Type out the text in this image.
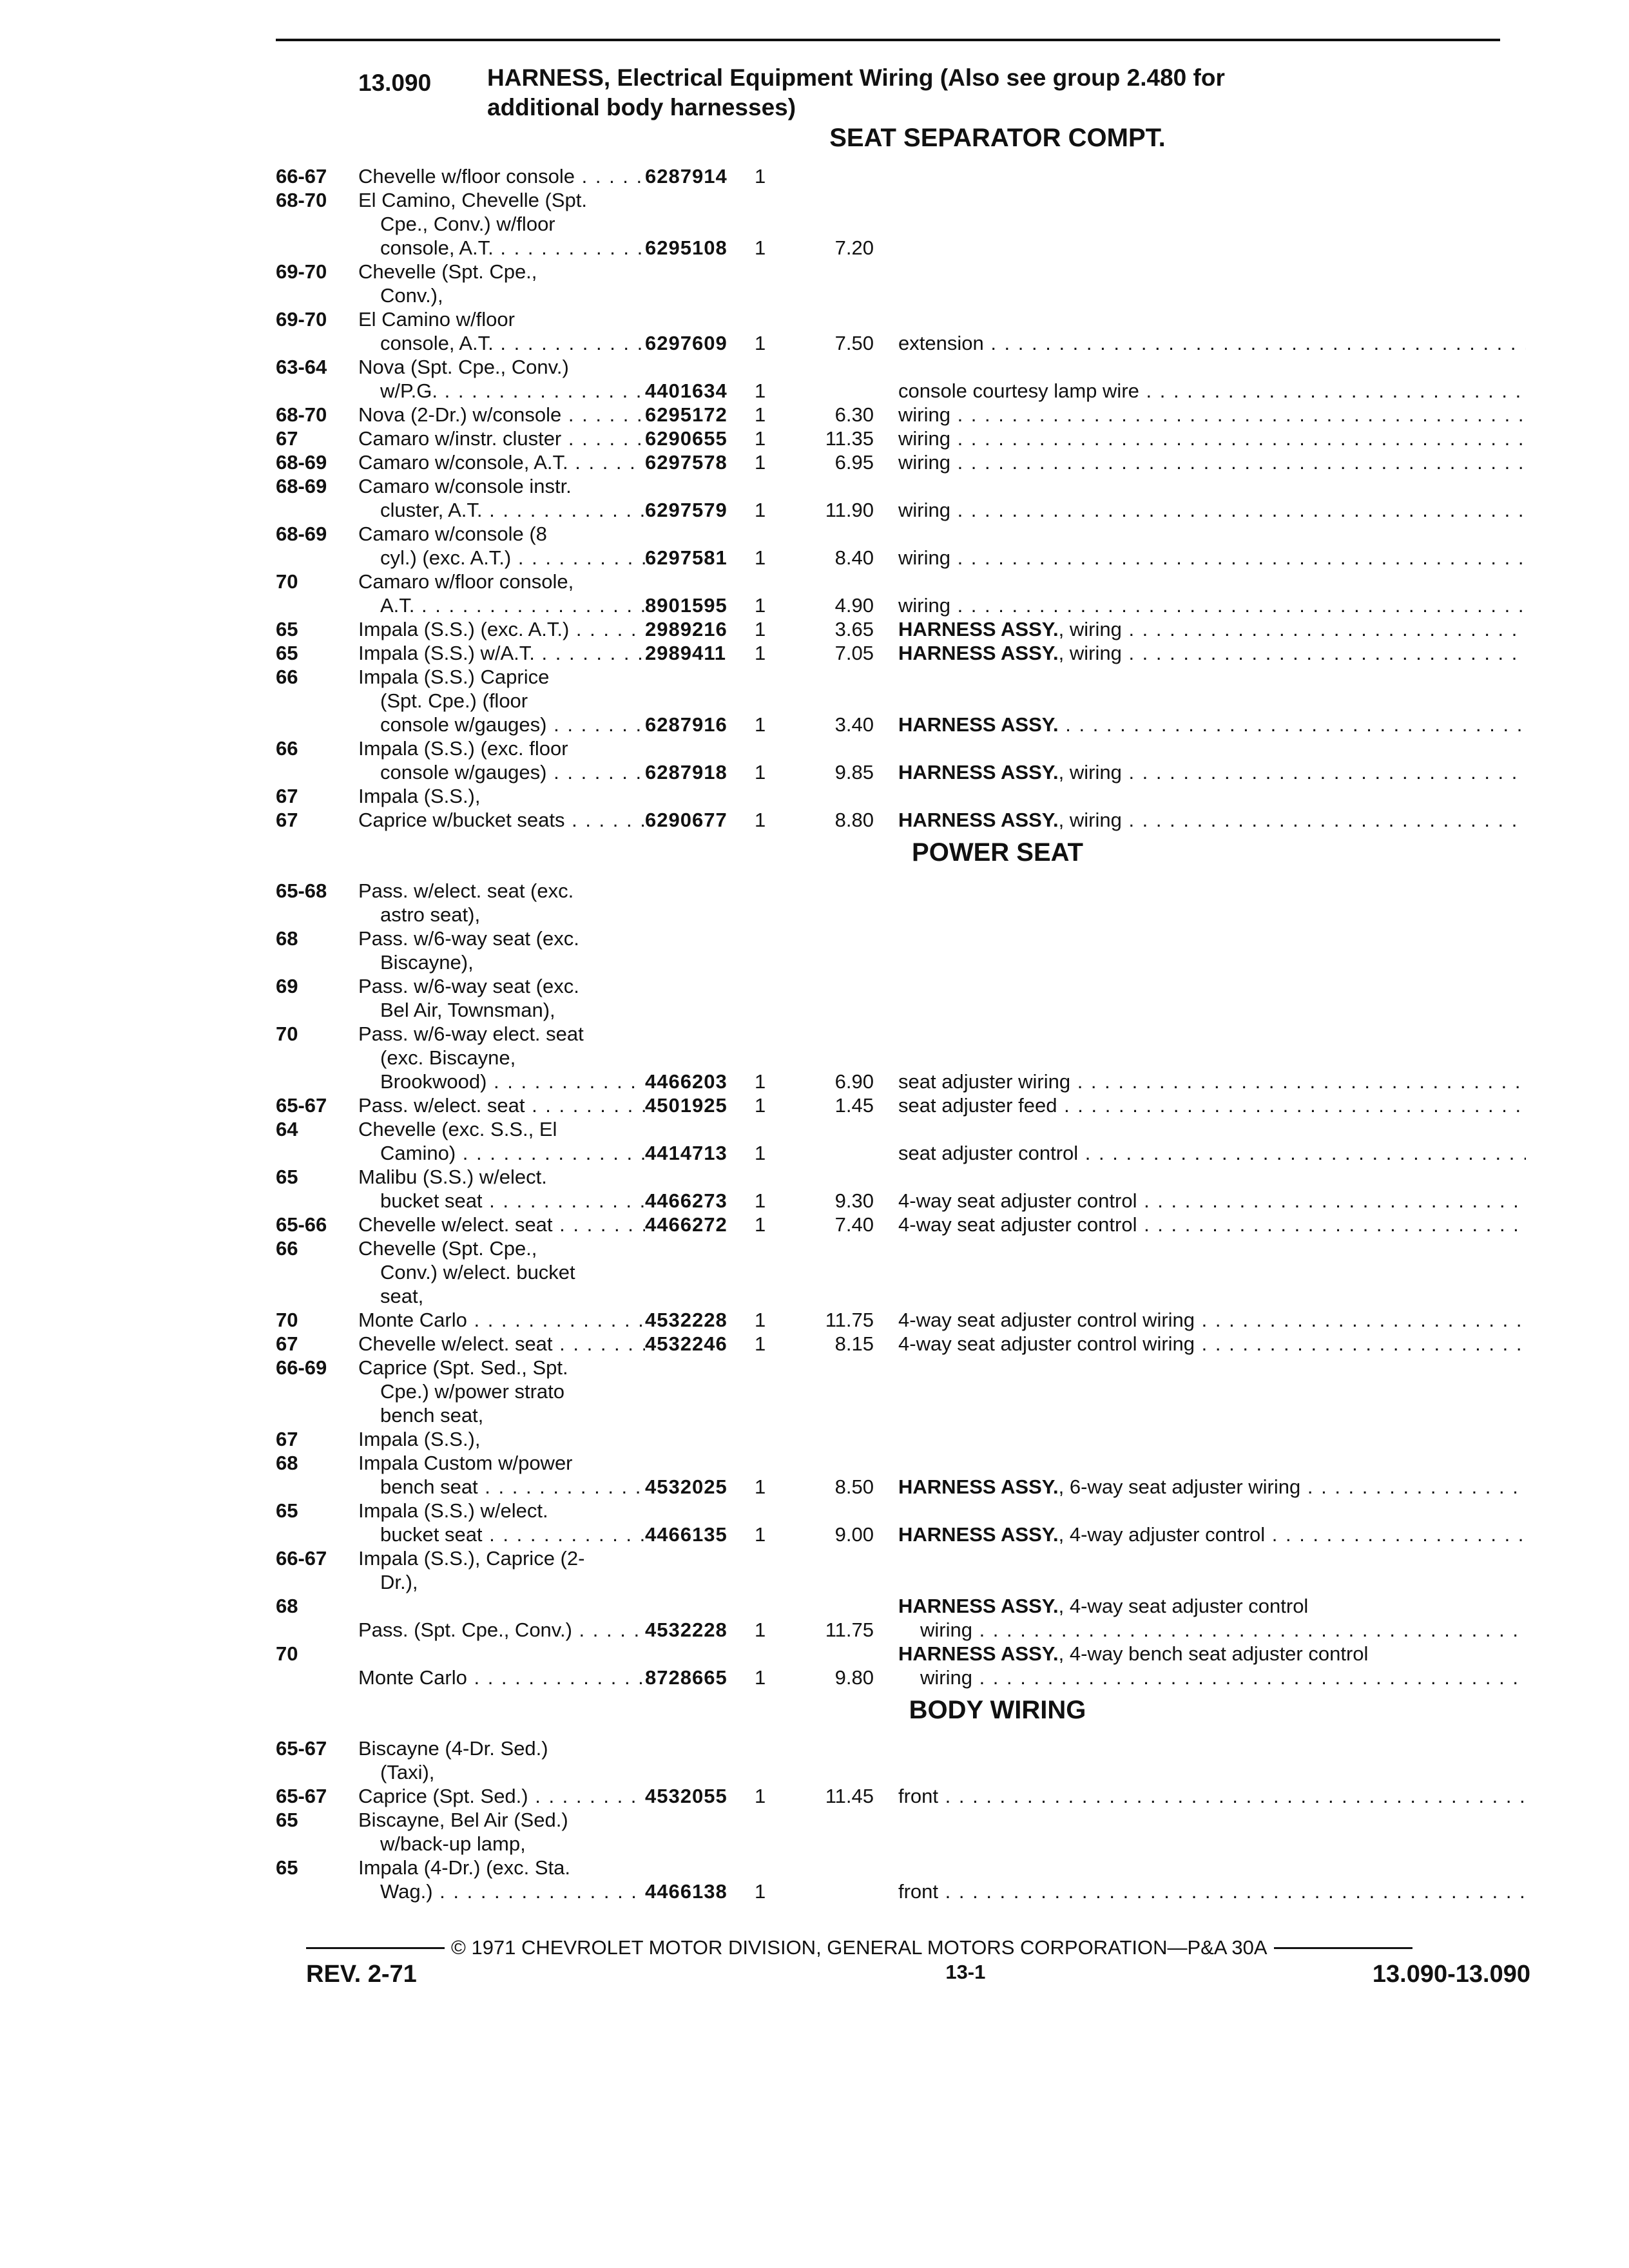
13.090	HARNESS, Electrical Equipment Wiring (Also see group 2.480 for
additional body harnesses)
SEAT SEPARATOR COMPT.
66-67	Chevelle w/floor console . . .	6287914	1
68-70	El Camino, Chevelle (Spt.
Cpe., Conv.) w/floor
console, A.T. . . .	6295108	1	7.20
69-70	Chevelle (Spt. Cpe.,
Conv.),
69-70	El Camino w/floor
console, A.T. . . .	6297609	1	7.50 extension . . .
63-64	Nova (Spt. Cpe., Conv.)
w/P.G. . . .	4401634	1	console courtesy lamp wire . . .
68-70	Nova (2-Dr.) w/console . . .	6295172	1	6.30 wiring . . .
67	Camaro w/instr. cluster . . .	6290655	1	11.35 wiring . . .
68-69	Camaro w/console, A.T. . . .	6297578	1	6.95 wiring . . .
68-69	Camaro w/console instr.
cluster, A.T. . . .	6297579	1	11.90 wiring . . .
68-69	Camaro w/console (8
cyl.) (exc. A.T.) . . .	6297581	1	8.40 wiring . . .
70	Camaro w/floor console,
A.T. . . .	8901595	1	4.90 wiring . . .
65	Impala (S.S.) (exc. A.T.) . . .	2989216	1	3.65 HARNESS ASSY., wiring . . .
65	Impala (S.S.) w/A.T. . . .	2989411	1	7.05 HARNESS ASSY., wiring . . .
66	Impala (S.S.) Caprice
(Spt. Cpe.) (floor
console w/gauges) . . .	6287916	1	3.40 HARNESS ASSY. . . .
66	Impala (S.S.) (exc. floor
console w/gauges) . . .	6287918	1	9.85 HARNESS ASSY., wiring . . .
67	Impala (S.S.),
67	Caprice w/bucket seats . . .	6290677	1	8.80 HARNESS ASSY., wiring . . .
POWER SEAT
65-68	Pass. w/elect. seat (exc.
astro seat),
68	Pass. w/6-way seat (exc.
Biscayne),
69	Pass. w/6-way seat (exc.
Bel Air, Townsman),
70	Pass. w/6-way elect. seat
(exc. Biscayne,
Brookwood) . . .	4466203	1	6.90 seat adjuster wiring . . .
65-67	Pass. w/elect. seat . . .	4501925	1	1.45 seat adjuster feed . . .
64	Chevelle (exc. S.S., El
Camino) . . .	4414713	1	seat adjuster control . . .
65	Malibu (S.S.) w/elect.
bucket seat . . .	4466273	1	9.30 4-way seat adjuster control . . .
65-66	Chevelle w/elect. seat . . .	4466272	1	7.40 4-way seat adjuster control . . .
66	Chevelle (Spt. Cpe.,
Conv.) w/elect. bucket
seat,
70	Monte Carlo . . .	4532228	1	11.75 4-way seat adjuster control wiring . . .
67	Chevelle w/elect. seat . . .	4532246	1	8.15 4-way seat adjuster control wiring . . .
66-69	Caprice (Spt. Sed., Spt.
Cpe.) w/power strato
bench seat,
67	Impala (S.S.),
68	Impala Custom w/power
bench seat . . .	4532025	1	8.50 HARNESS ASSY., 6-way seat adjuster wiring . . .
65	Impala (S.S.) w/elect.
bucket seat . . .	4466135	1	9.00 HARNESS ASSY., 4-way adjuster control . . .
66-67	Impala (S.S.), Caprice (2-
Dr.),
68
Pass. (Spt. Cpe., Conv.) . . .	4532228	1	11.75
HARNESS ASSY., 4-way seat adjuster control
wiring . . .
70
Monte Carlo . . .	8728665	1	9.80
HARNESS ASSY., 4-way bench seat adjuster control
wiring . . .
BODY WIRING
65-67	Biscayne (4-Dr. Sed.)
(Taxi),
65-67	Caprice (Spt. Sed.) . . .	4532055	1	11.45 front . . .
65	Biscayne, Bel Air (Sed.)
w/back-up lamp,
65	Impala (4-Dr.) (exc. Sta.
Wag.) . . .	4466138	1	front . . .
© 1971 CHEVROLET MOTOR DIVISION, GENERAL MOTORS CORPORATION—P&A 30A
REV. 2-71	13-1	13.090-13.090
